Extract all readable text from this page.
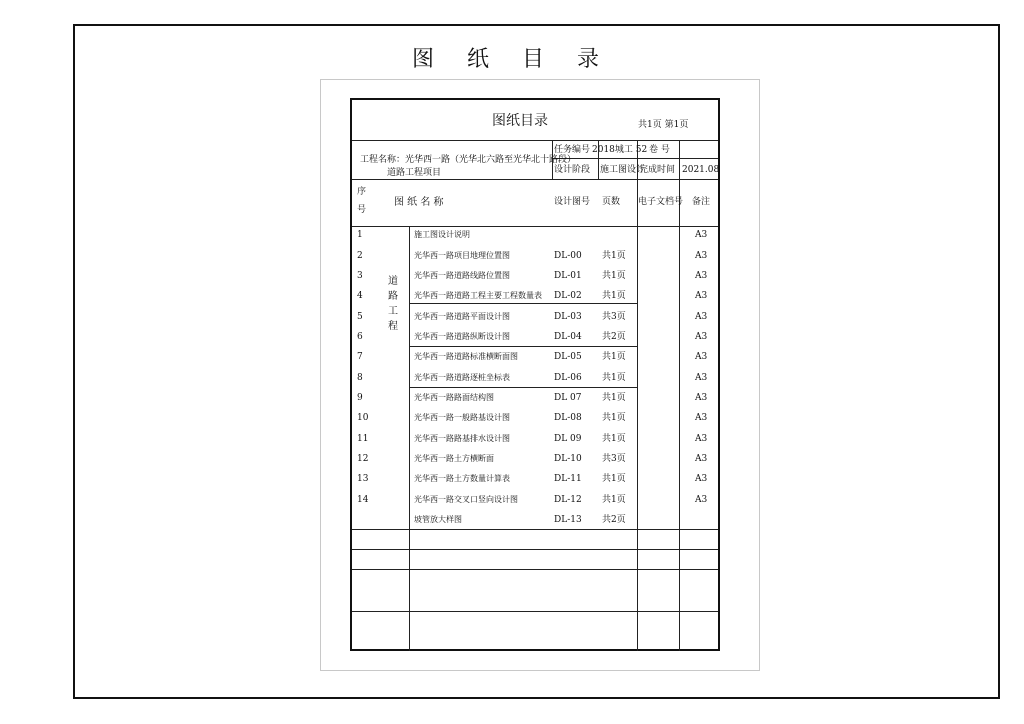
图 纸 目 录
图纸目录	共1页 第1页
工程名称：光华西一路（光华北六路至光华北十路段）
道路工程项目
任务编号 2018城工 52 卷 号
设计阶段 施工图设计
完成时间 2021.08
序
号
图 纸 名 称	设计图号 页数 电子文档号 备注
道
路
工
程
1	施工图设计说明	A3
2	光华西一路项目地理位置图	DL-00 共1页	A3
3	光华西一路道路线路位置图	DL-01 共1页	A3
4	光华西一路道路工程主要工程数量表 DL-02 共1页	A3
5	光华西一路道路平面设计图	DL-03 共3页	A3
6	光华西一路道路纵断设计图	DL-04 共2页	A3
7	光华西一路道路标准横断面图	DL-05 共1页	A3
8	光华西一路道路逐桩坐标表	DL-06 共1页	A3
9	光华西一路路面结构图	DL 07 共1页	A3
10	光华西一路一般路基设计图	DL-08 共1页	A3
11	光华西一路路基排水设计图	DL 09 共1页	A3
12	光华西一路土方横断面	DL-10 共3页	A3
13	光华西一路土方数量计算表	DL-11 共1页	A3
14	光华西一路交叉口竖向设计图	DL-12 共1页	A3
坡管放大样图	DL-13 共2页
